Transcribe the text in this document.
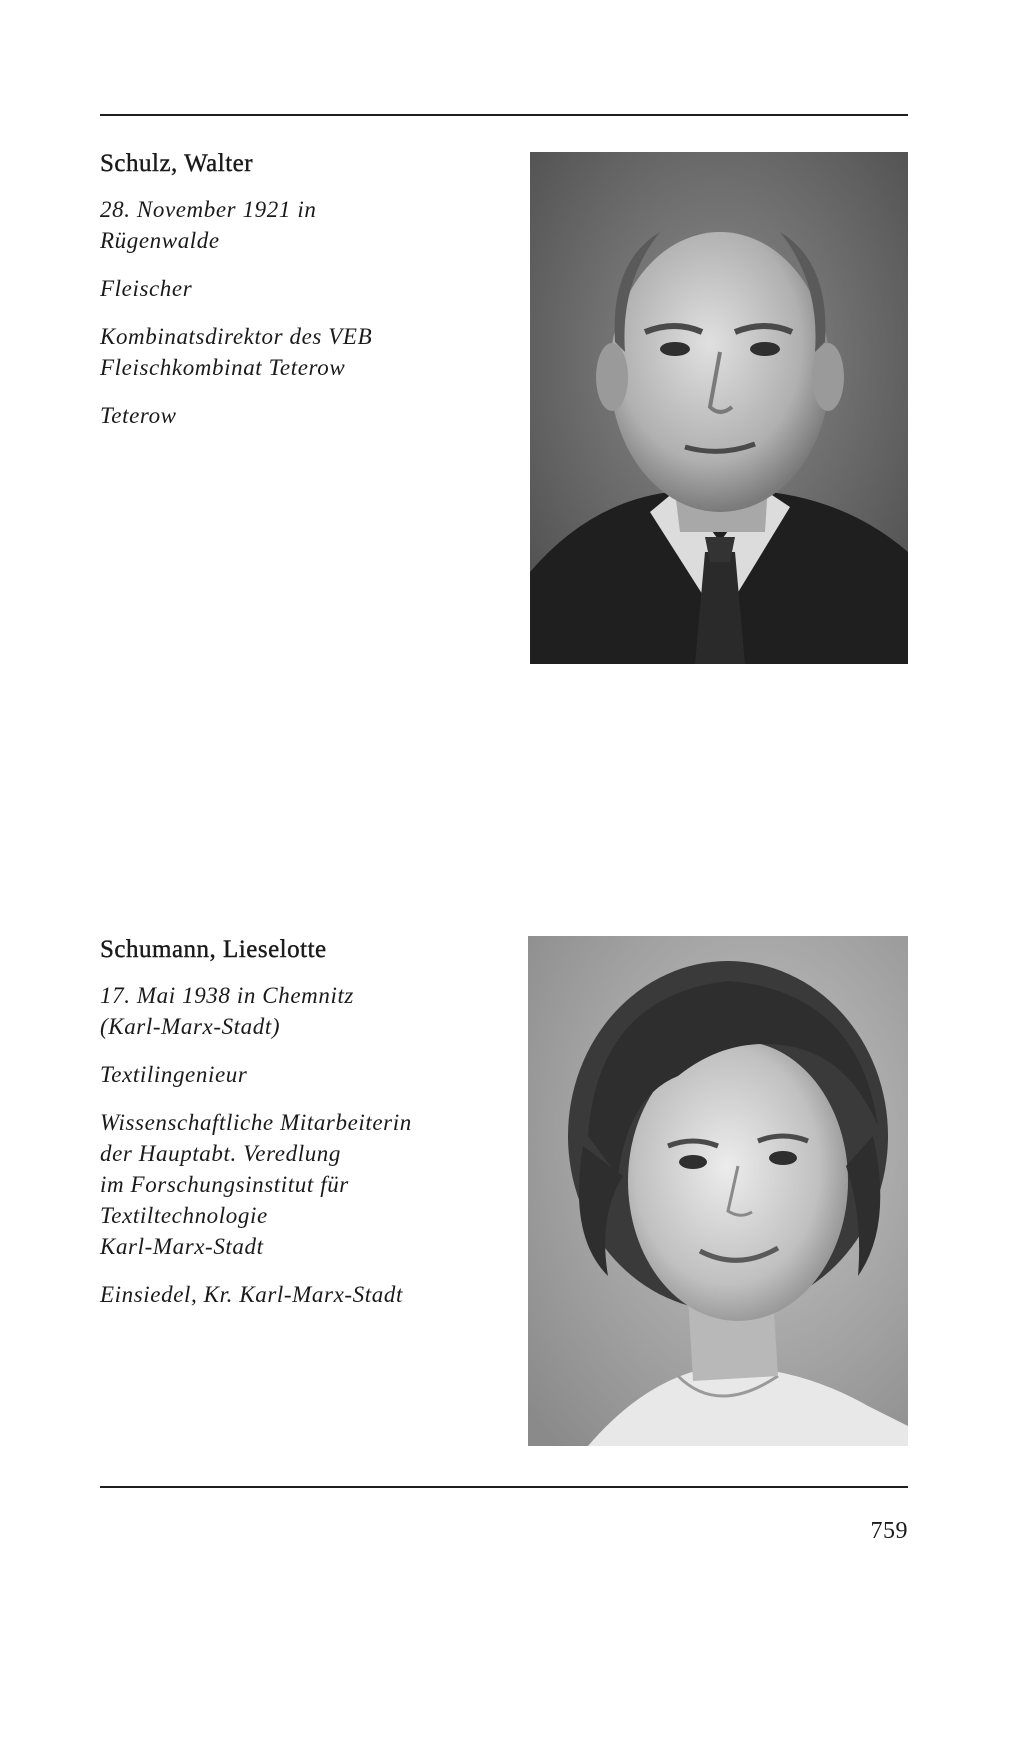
Schulz, Walter

28. November 1921 in
Rügenwalde

Fleischer

Kombinatsdirektor des VEB
Fleischkombinat Teterow

Teterow

Schumann, Lieselotte

17. Mai 1938 in Chemnitz
(Karl-Marx-Stadt)

Textilingenieur

Wissenschaftliche Mitarbeiterin
der Hauptabt. Veredlung
im Forschungsinstitut für
Textiltechnologie
Karl-Marx-Stadt

Einsiedel, Kr. Karl-Marx-Stadt

759
